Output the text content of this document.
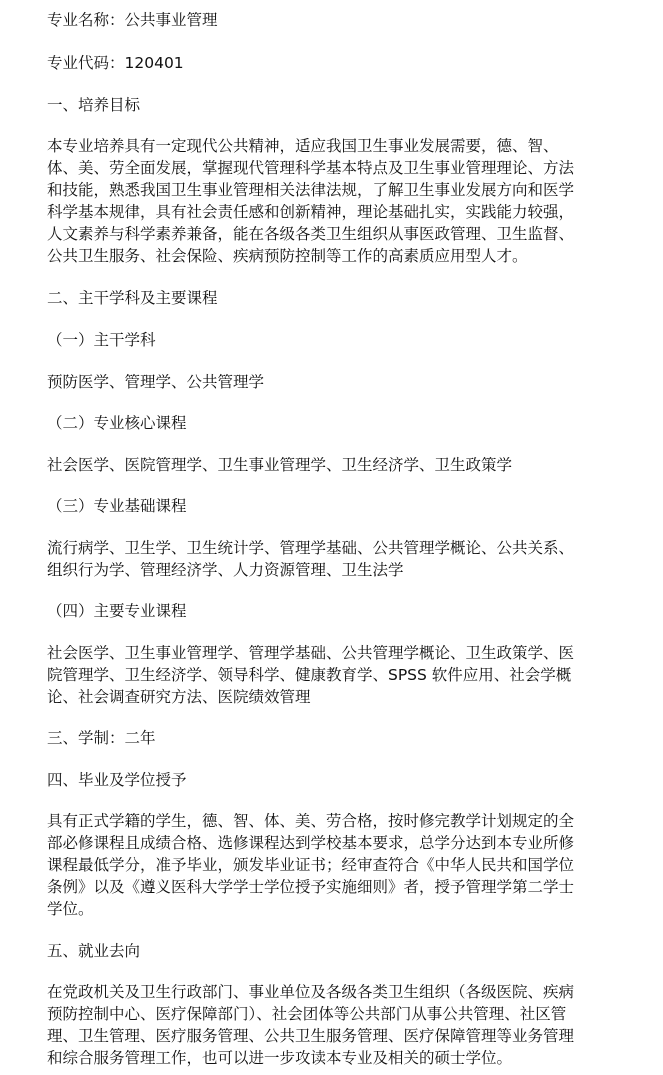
专业名称：公共事业管理
专业代码：120401
一、培养目标
本专业培养具有一定现代公共精神，适应我国卫生事业发展需要，德、智、
体、美、劳全面发展，掌握现代管理科学基本特点及卫生事业管理理论、方法
和技能，熟悉我国卫生事业管理相关法律法规，了解卫生事业发展方向和医学
科学基本规律，具有社会责任感和创新精神，理论基础扎实，实践能力较强，
人文素养与科学素养兼备，能在各级各类卫生组织从事医政管理、卫生监督、
公共卫生服务、社会保险、疾病预防控制等工作的高素质应用型人才。
二、主干学科及主要课程
（一）主干学科
预防医学、管理学、公共管理学
（二）专业核心课程
社会医学、医院管理学、卫生事业管理学、卫生经济学、卫生政策学
（三）专业基础课程
流行病学、卫生学、卫生统计学、管理学基础、公共管理学概论、公共关系、
组织行为学、管理经济学、人力资源管理、卫生法学
（四）主要专业课程
社会医学、卫生事业管理学、管理学基础、公共管理学概论、卫生政策学、医
院管理学、卫生经济学、领导科学、健康教育学、SPSS 软件应用、社会学概
论、社会调查研究方法、医院绩效管理
三、学制：二年
四、毕业及学位授予
具有正式学籍的学生，德、智、体、美、劳合格，按时修完教学计划规定的全
部必修课程且成绩合格、选修课程达到学校基本要求，总学分达到本专业所修
课程最低学分，准予毕业，颁发毕业证书；经审查符合《中华人民共和国学位
条例》以及《遵义医科大学学士学位授予实施细则》者，授予管理学第二学士
学位。
五、就业去向
在党政机关及卫生行政部门、事业单位及各级各类卫生组织（各级医院、疾病
预防控制中心、医疗保障部门）、社会团体等公共部门从事公共管理、社区管
理、卫生管理、医疗服务管理、公共卫生服务管理、医疗保障管理等业务管理
和综合服务管理工作，也可以进一步攻读本专业及相关的硕士学位。
